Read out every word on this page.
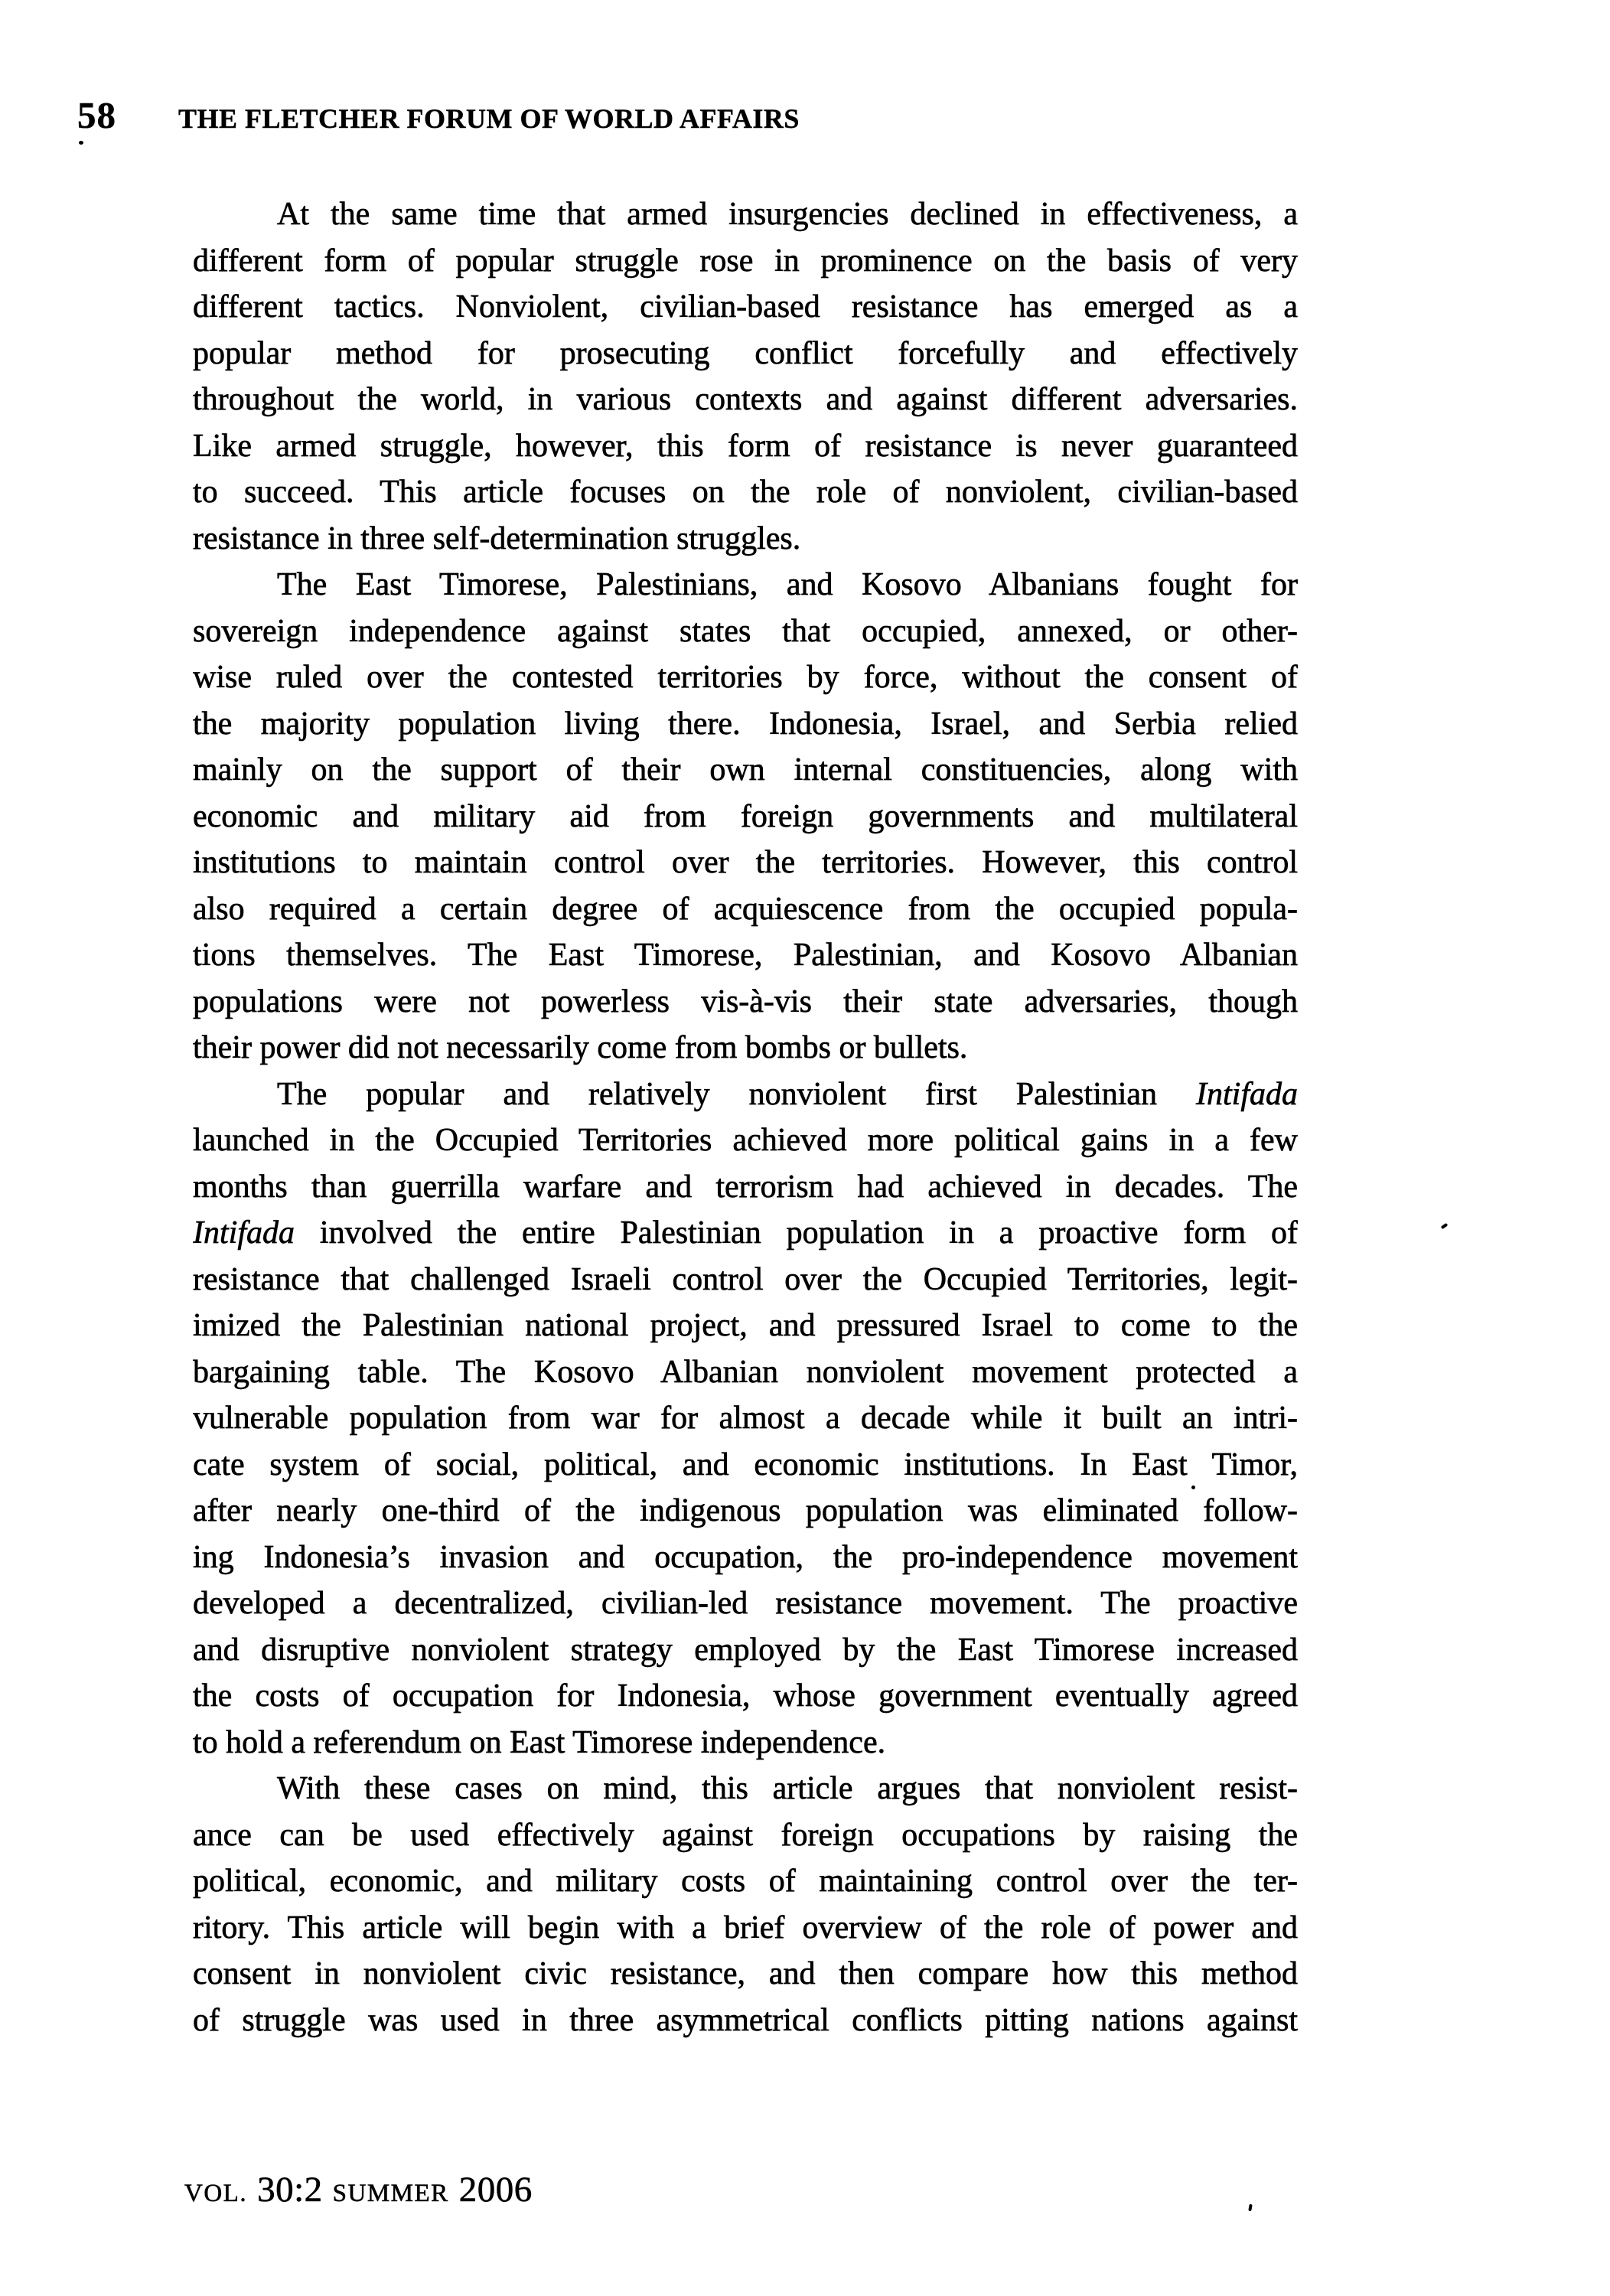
58 THE FLETCHER FORUM OF WORLD AFFAIRS
At the same time that armed insurgencies declined in effectiveness, a
different form of popular struggle rose in prominence on the basis of very
different tactics. Nonviolent, civilian-based resistance has emerged as a
popular method for prosecuting conflict forcefully and effectively
throughout the world, in various contexts and against different adversaries.
Like armed struggle, however, this form of resistance is never guaranteed
to succeed. This article focuses on the role of nonviolent, civilian-based
resistance in three self-determination struggles.
The East Timorese, Palestinians, and Kosovo Albanians fought for
sovereign independence against states that occupied, annexed, or other-
wise ruled over the contested territories by force, without the consent of
the majority population living there. Indonesia, Israel, and Serbia relied
mainly on the support of their own internal constituencies, along with
economic and military aid from foreign governments and multilateral
institutions to maintain control over the territories. However, this control
also required a certain degree of acquiescence from the occupied popula-
tions themselves. The East Timorese, Palestinian, and Kosovo Albanian
populations were not powerless vis-à-vis their state adversaries, though
their power did not necessarily come from bombs or bullets.
The popular and relatively nonviolent first Palestinian Intifada
launched in the Occupied Territories achieved more political gains in a few
months than guerrilla warfare and terrorism had achieved in decades. The
Intifada involved the entire Palestinian population in a proactive form of
resistance that challenged Israeli control over the Occupied Territories, legit-
imized the Palestinian national project, and pressured Israel to come to the
bargaining table. The Kosovo Albanian nonviolent movement protected a
vulnerable population from war for almost a decade while it built an intri-
cate system of social, political, and economic institutions. In East Timor,
after nearly one-third of the indigenous population was eliminated follow-
ing Indonesia’s invasion and occupation, the pro-independence movement
developed a decentralized, civilian-led resistance movement. The proactive
and disruptive nonviolent strategy employed by the East Timorese increased
the costs of occupation for Indonesia, whose government eventually agreed
to hold a referendum on East Timorese independence.
With these cases on mind, this article argues that nonviolent resist-
ance can be used effectively against foreign occupations by raising the
political, economic, and military costs of maintaining control over the ter-
ritory. This article will begin with a brief overview of the role of power and
consent in nonviolent civic resistance, and then compare how this method
of struggle was used in three asymmetrical conflicts pitting nations against
VOL. 30:2 SUMMER 2006
